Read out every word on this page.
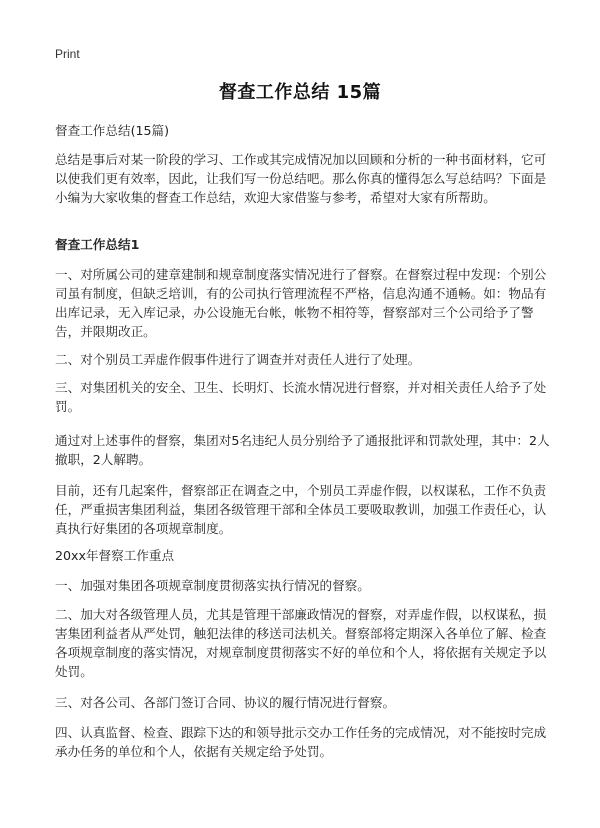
Print
督查工作总结 15篇
督查工作总结(15篇)
总结是事后对某一阶段的学习、工作或其完成情况加以回顾和分析的一种书面材料，它可以使我们更有效率，因此，让我们写一份总结吧。那么你真的懂得怎么写总结吗？下面是小编为大家收集的督查工作总结，欢迎大家借鉴与参考，希望对大家有所帮助。
督查工作总结1
一、对所属公司的建章建制和规章制度落实情况进行了督察。在督察过程中发现：个别公司虽有制度，但缺乏培训，有的公司执行管理流程不严格，信息沟通不通畅。如：物品有出库记录，无入库记录，办公设施无台帐，帐物不相符等，督察部对三个公司给予了警告，并限期改正。
二、对个别员工弄虚作假事件进行了调查并对责任人进行了处理。
三、对集团机关的安全、卫生、长明灯、长流水情况进行督察，并对相关责任人给予了处罚。
通过对上述事件的督察，集团对5名违纪人员分别给予了通报批评和罚款处理，其中：2人撤职，2人解聘。
目前，还有几起案件，督察部正在调查之中，个别员工弄虚作假，以权谋私，工作不负责任，严重损害集团利益，集团各级管理干部和全体员工要吸取教训，加强工作责任心，认真执行好集团的各项规章制度。
20xx年督察工作重点
一、加强对集团各项规章制度贯彻落实执行情况的督察。
二、加大对各级管理人员，尤其是管理干部廉政情况的督察，对弄虚作假，以权谋私，损害集团利益者从严处罚，触犯法律的移送司法机关。督察部将定期深入各单位了解、检查各项规章制度的落实情况，对规章制度贯彻落实不好的单位和个人，将依据有关规定予以处罚。
三、对各公司、各部门签订合同、协议的履行情况进行督察。
四、认真监督、检查、跟踪下达的和领导批示交办工作任务的完成情况，对不能按时完成承办任务的单位和个人，依据有关规定给予处罚。
